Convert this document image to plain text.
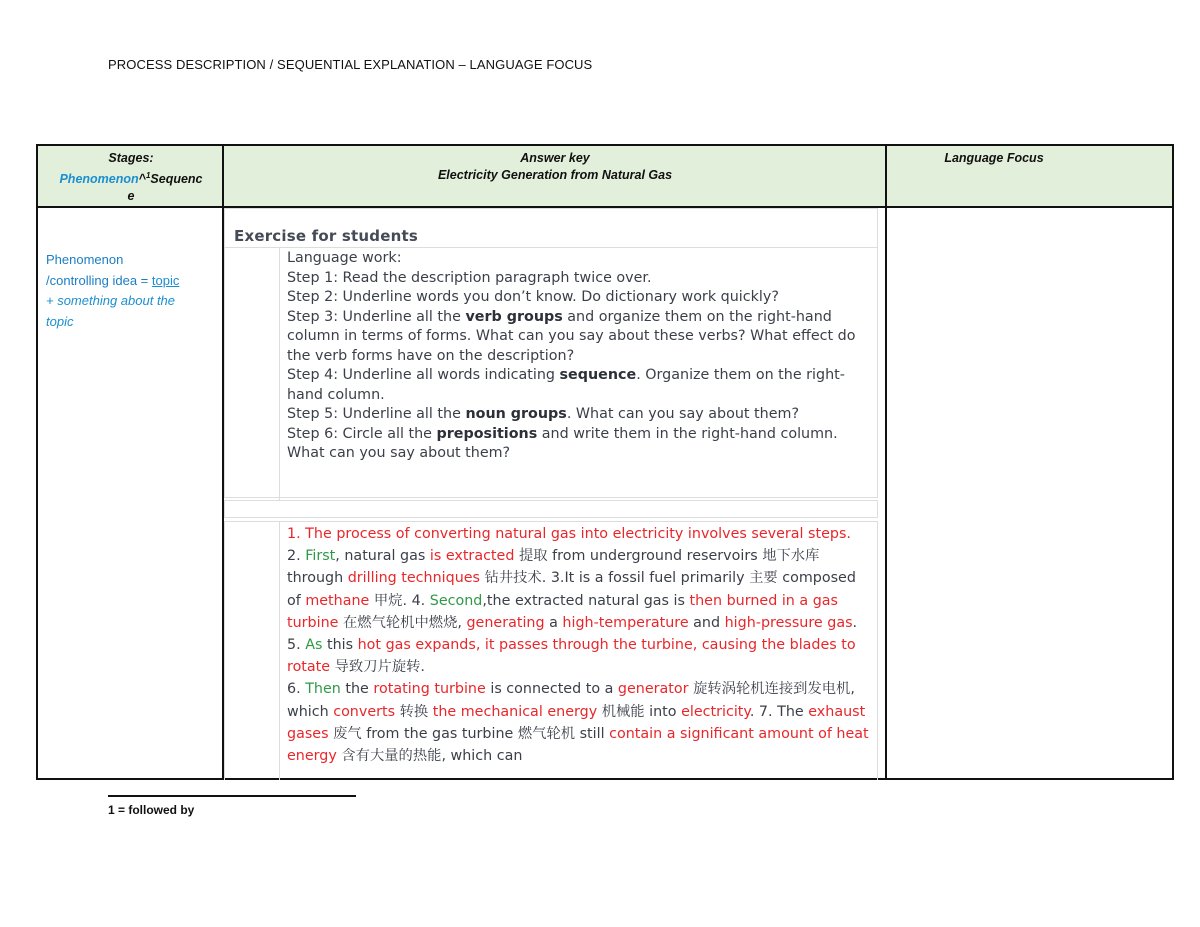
PROCESS DESCRIPTION / SEQUENTIAL EXPLANATION – LANGUAGE FOCUS
Stages:
Phenomenon^$^1$Sequenc
e
Answer key
Electricity Generation from Natural Gas
Language Focus
Phenomenon
/controlling idea = topic
+ something about the
topic
Exercise for students
Language work:
Step 1: Read the description paragraph twice over.
Step 2: Underline words you don’t know. Do dictionary work quickly?
Step 3: Underline all the verb groups and organize them on the right-hand column in terms of forms. What can you say about these verbs? What effect do the verb forms have on the description?
Step 4: Underline all words indicating sequence. Organize them on the right-hand column.
Step 5: Underline all the noun groups. What can you say about them?
Step 6: Circle all the prepositions and write them in the right-hand column. What can you say about them?
1. The process of converting natural gas into electricity involves several steps.
2. First, natural gas is extracted 提取 from underground reservoirs 地下水库 through drilling techniques 钻井技术. 3.It is a fossil fuel primarily 主要 composed of methane 甲烷. 4. Second,the extracted natural gas is then burned in a gas turbine 在燃气轮机中燃烧, generating a high-temperature and high-pressure gas. 5. As this hot gas expands, it passes through the turbine, causing the blades to rotate 导致刀片旋转.
6. Then the rotating turbine is connected to a generator 旋转涡轮机连接到发电机, which converts 转换 the mechanical energy 机械能 into electricity. 7. The exhaust gases 废气 from the gas turbine 燃气轮机 still contain a significant amount of heat energy 含有大量的热能, which can
1 = followed by
